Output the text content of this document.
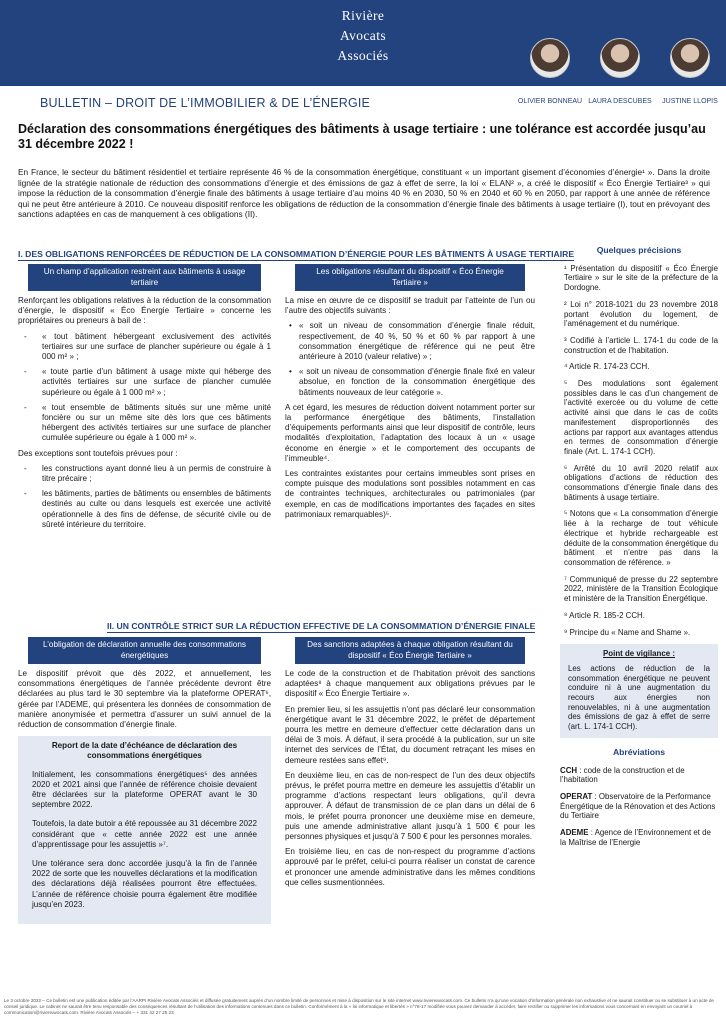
Rivière
Avocats
Associés
OLIVIER BONNEAU LAURA DESCUBES	JUSTINE LLOPIS
BULLETIN – DROIT DE L’IMMOBILIER & DE L’ÉNERGIE
Déclaration des consommations énergétiques des bâtiments à usage tertiaire : une tolérance est accordée jusqu’au 31 décembre 2022 !
En France, le secteur du bâtiment résidentiel et tertiaire représente 46 % de la consommation énergétique, constituant « un important gisement d’économies d’énergie¹ ». Dans la droite lignée de la stratégie nationale de réduction des consommations d’énergie et des émissions de gaz à effet de serre, la loi « ELAN² », a créé le dispositif « Éco Énergie Tertiaire³ » qui impose la réduction de la consommation d’énergie finale des bâtiments à usage tertiaire d’au moins 40 % en 2030, 50 % en 2040 et 60 % en 2050, par rapport à une année de référence qui ne peut être antérieure à 2010. Ce nouveau dispositif renforce les obligations de réduction de la consommation d’énergie finale des bâtiments à usage tertiaire (I), tout en prévoyant des sanctions adaptées en cas de manquement à ces obligations (II).
I. DES OBLIGATIONS RENFORCÉES DE RÉDUCTION DE LA CONSOMMATION D’ÉNERGIE POUR LES BÂTIMENTS À USAGE TERTIAIRE
Un champ d’application restreint aux bâtiments à usage tertiaire

Renforçant les obligations relatives à la réduction de la consommation d’énergie, le dispositif « Éco Énergie Tertiaire » concerne les propriétaires ou preneurs à bail de :

- « tout bâtiment hébergeant exclusivement des activités tertiaires sur une surface de plancher supérieure ou égale à 1 000 m² » ;
- « toute partie d’un bâtiment à usage mixte qui héberge des activités tertiaires sur une surface de plancher cumulée supérieure ou égale à 1 000 m² » ;
- « tout ensemble de bâtiments situés sur une même unité foncière ou sur un même site dès lors que ces bâtiments hébergent des activités tertiaires sur une surface de plancher cumulée supérieure ou égale à 1 000 m² ».

Des exceptions sont toutefois prévues pour :

- les constructions ayant donné lieu à un permis de construire à titre précaire ;
- les bâtiments, parties de bâtiments ou ensembles de bâtiments destinés au culte ou dans lesquels est exercée une activité opérationnelle à des fins de défense, de sécurité civile ou de sûreté intérieure du territoire.
Les obligations résultant du dispositif « Éco Énergie Tertiaire »

La mise en œuvre de ce dispositif se traduit par l’atteinte de l’un ou l’autre des objectifs suivants :

• « soit un niveau de consommation d’énergie finale réduit, respectivement, de 40 %, 50 % et 60 % par rapport à une consommation énergétique de référence qui ne peut être antérieure à 2010 (valeur relative) » ;
• « soit un niveau de consommation d’énergie finale fixé en valeur absolue, en fonction de la consommation énergétique des bâtiments nouveaux de leur catégorie ».

A cet égard, les mesures de réduction doivent notamment porter sur la performance énergétique des bâtiments, l’installation d’équipements performants ainsi que leur dispositif de contrôle, leurs modalités d’exploitation, l’adaptation des locaux à un « usage économe en énergie » et le comportement des occupants de l’immeuble⁴.

Les contraintes existantes pour certains immeubles sont prises en compte puisque des modulations sont possibles notamment en cas de contraintes techniques, architecturales ou patrimoniales (par exemple, en cas de modifications importantes des façades en sites patrimoniaux remarquables)⁵.

II. UN CONTRÔLE STRICT SUR LA RÉDUCTION EFFECTIVE DE LA CONSOMMATION D’ÉNERGIE FINALE
L’obligation de déclaration annuelle des consommations énergétiques

Le dispositif prévoit que dès 2022, et annuellement, les consommations énergétiques de l’année précédente devront être déclarées au plus tard le 30 septembre via la plateforme OPERAT⁶, gérée par l’ADEME, qui présentera les données de consommation de manière anonymisée et permettra d’assurer un suivi annuel de la réduction de consommation d’énergie finale.

Report de la date d’échéance de déclaration des consommations énergétiques

Initialement, les consommations énergétiques⁵ des années 2020 et 2021 ainsi que l’année de référence choisie devaient être déclarées sur la plateforme OPERAT avant le 30 septembre 2022.

Toutefois, la date butoir a été repoussée au 31 décembre 2022 considérant que « cette année 2022 est une année d’apprentissage pour les assujettis »⁷.

Une tolérance sera donc accordée jusqu’à la fin de l’année 2022 de sorte que les nouvelles déclarations et la modification des déclarations déjà réalisées pourront être effectuées. L’année de référence choisie pourra également être modifiée jusqu’en 2023.

Des sanctions adaptées à chaque obligation résultant du dispositif « Éco Énergie Tertiaire »

Le code de la construction et de l’habitation prévoit des sanctions adaptées⁸ à chaque manquement aux obligations prévues par le dispositif « Éco Énergie Tertiaire ».

En premier lieu, si les assujettis n’ont pas déclaré leur consommation énergétique avant le 31 décembre 2022, le préfet de département pourra les mettre en demeure d’effectuer cette déclaration dans un délai de 3 mois. À défaut, il sera procédé à la publication, sur un site internet des services de l’État, du document retraçant les mises en demeure restées sans effet⁹.

En deuxième lieu, en cas de non-respect de l’un des deux objectifs prévus, le préfet pourra mettre en demeure les assujettis d’établir un programme d’actions respectant leurs obligations, qu’il devra approuver. À défaut de transmission de ce plan dans un délai de 6 mois, le préfet pourra prononcer une deuxième mise en demeure, puis une amende administrative allant jusqu’à 1 500 € pour les personnes physiques et jusqu’à 7 500 € pour les personnes morales.

En troisième lieu, en cas de non-respect du programme d’actions approuvé par le préfet, celui-ci pourra réaliser un constat de carence et prononcer une amende administrative dans les mêmes conditions que celles susmentionnées.

Quelques précisions
¹ Présentation du dispositif « Éco Énergie Tertiaire » sur le site de la préfecture de la Dordogne.
² Loi n° 2018-1021 du 23 novembre 2018 portant évolution du logement, de l’aménagement et du numérique.
³ Codifié à l’article L. 174-1 du code de la construction et de l’habitation.
⁴ Article R. 174-23 CCH.
⁵ Des modulations sont également possibles dans le cas d’un changement de l’activité exercée ou du volume de cette activité ainsi que dans le cas de coûts manifestement disproportionnés des actions par rapport aux avantages attendus en termes de consommation d’énergie finale (Art. L. 174-1 CCH).
⁶ Arrêté du 10 avril 2020 relatif aux obligations d’actions de réduction des consommations d’énergie finale dans des bâtiments à usage tertiaire.
⁵ Notons que « La consommation d’énergie liée à la recharge de tout véhicule électrique et hybride rechargeable est déduite de la consommation énergétique du bâtiment et n’entre pas dans la consommation de référence. »
⁷ Communiqué de presse du 22 septembre 2022, ministère de la Transition Écologique et ministère de la Transition Énergétique.
⁸ Article R. 185-2 CCH.
⁹ Principe du « Name and Shame ».
Point de vigilance :
Les actions de réduction de la consommation énergétique ne peuvent conduire ni à une augmentation du recours aux énergies non renouvelables, ni à une augmentation des émissions de gaz à effet de serre (art. L. 174-1 CCH).
Abréviations
CCH : code de la construction et de l’habitation
OPERAT : Observatoire de la Performance Énergétique de la Rénovation et des Actions du Tertiaire
ADEME : Agence de l’Environnement et de la Maîtrise de l’Energie
Le 3 octobre 2022 – Ce bulletin est une publication éditée par l’AARPI Rivière Avocats Associés et diffusée gratuitement auprès d’un nombre limité de personnes et mise à disposition sur le site internet www.riviereavocats.com. Ce bulletin n’a qu’une vocation d’information générale non exhaustive et ne saurait constituer ou se substituer à un acte de conseil juridique. Le cabinet ne saurait être tenu responsable des conséquences résultant de l’utilisation des informations contenues dans ce bulletin. Conformément à la « loi informatique et libertés » n°78-17 modifiée vous pouvez demander à accéder, faire rectifier ou supprimer les informations vous concernant en envoyant un courriel à communication@riviereavocats.com. Rivière Avocats Associés – + 331 42 27 25 23
